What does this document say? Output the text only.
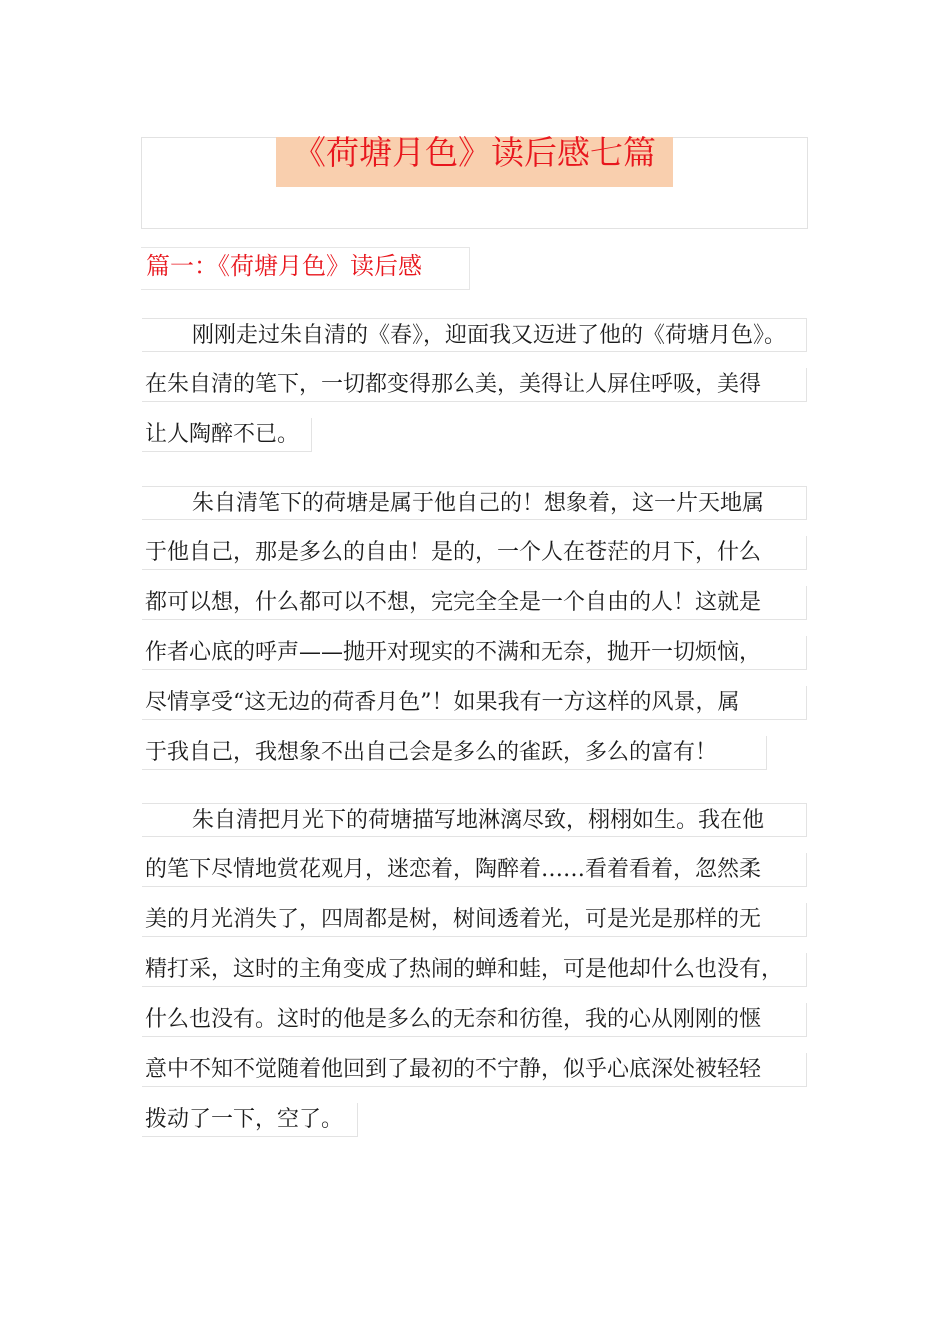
《荷塘月色》读后感七篇
篇一：《荷塘月色》读后感
刚刚走过朱自清的《春》，迎面我又迈进了他的《荷塘月色》。
在朱自清的笔下，一切都变得那么美，美得让人屏住呼吸，美得
让人陶醉不已。
朱自清笔下的荷塘是属于他自己的！想象着，这一片天地属
于他自己，那是多么的自由！是的，一个人在苍茫的月下，什么
都可以想，什么都可以不想，完完全全是一个自由的人！这就是
作者心底的呼声——抛开对现实的不满和无奈，抛开一切烦恼，
尽情享受“这无边的荷香月色”！如果我有一方这样的风景，属
于我自己，我想象不出自己会是多么的雀跃，多么的富有！
朱自清把月光下的荷塘描写地淋漓尽致，栩栩如生。我在他
的笔下尽情地赏花观月，迷恋着，陶醉着……看着看着，忽然柔
美的月光消失了，四周都是树，树间透着光，可是光是那样的无
精打采，这时的主角变成了热闹的蝉和蛙，可是他却什么也没有，
什么也没有。这时的他是多么的无奈和彷徨，我的心从刚刚的惬
意中不知不觉随着他回到了最初的不宁静，似乎心底深处被轻轻
拨动了一下，空了。
